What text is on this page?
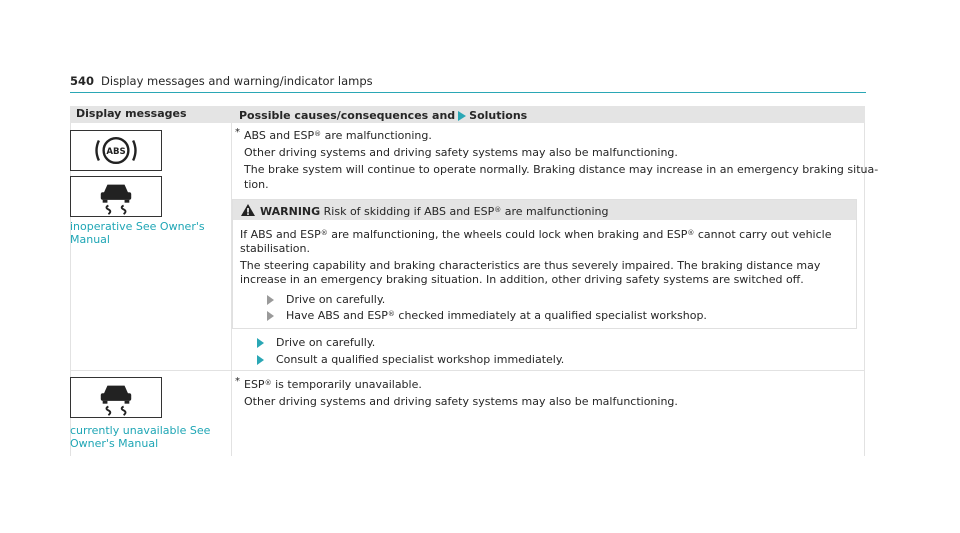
540 Display messages and warning/indicator lamps
Display messages	Possible causes/consequences and Solutions
ABS
inoperative See Owner's
Manual
* ABS and ESP® are malfunctioning.
Other driving systems and driving safety systems may also be malfunctioning.
The brake system will continue to operate normally. Braking distance may increase in an emergency braking situa-
tion.
WARNING Risk of skidding if ABS and ESP® are malfunctioning
If ABS and ESP® are malfunctioning, the wheels could lock when braking and ESP® cannot carry out vehicle
stabilisation.
The steering capability and braking characteristics are thus severely impaired. The braking distance may
increase in an emergency braking situation. In addition, other driving safety systems are switched off.
Drive on carefully.
Have ABS and ESP® checked immediately at a qualified specialist workshop.
Drive on carefully.
Consult a qualified specialist workshop immediately.
currently unavailable See
Owner's Manual
* ESP® is temporarily unavailable.
Other driving systems and driving safety systems may also be malfunctioning.
